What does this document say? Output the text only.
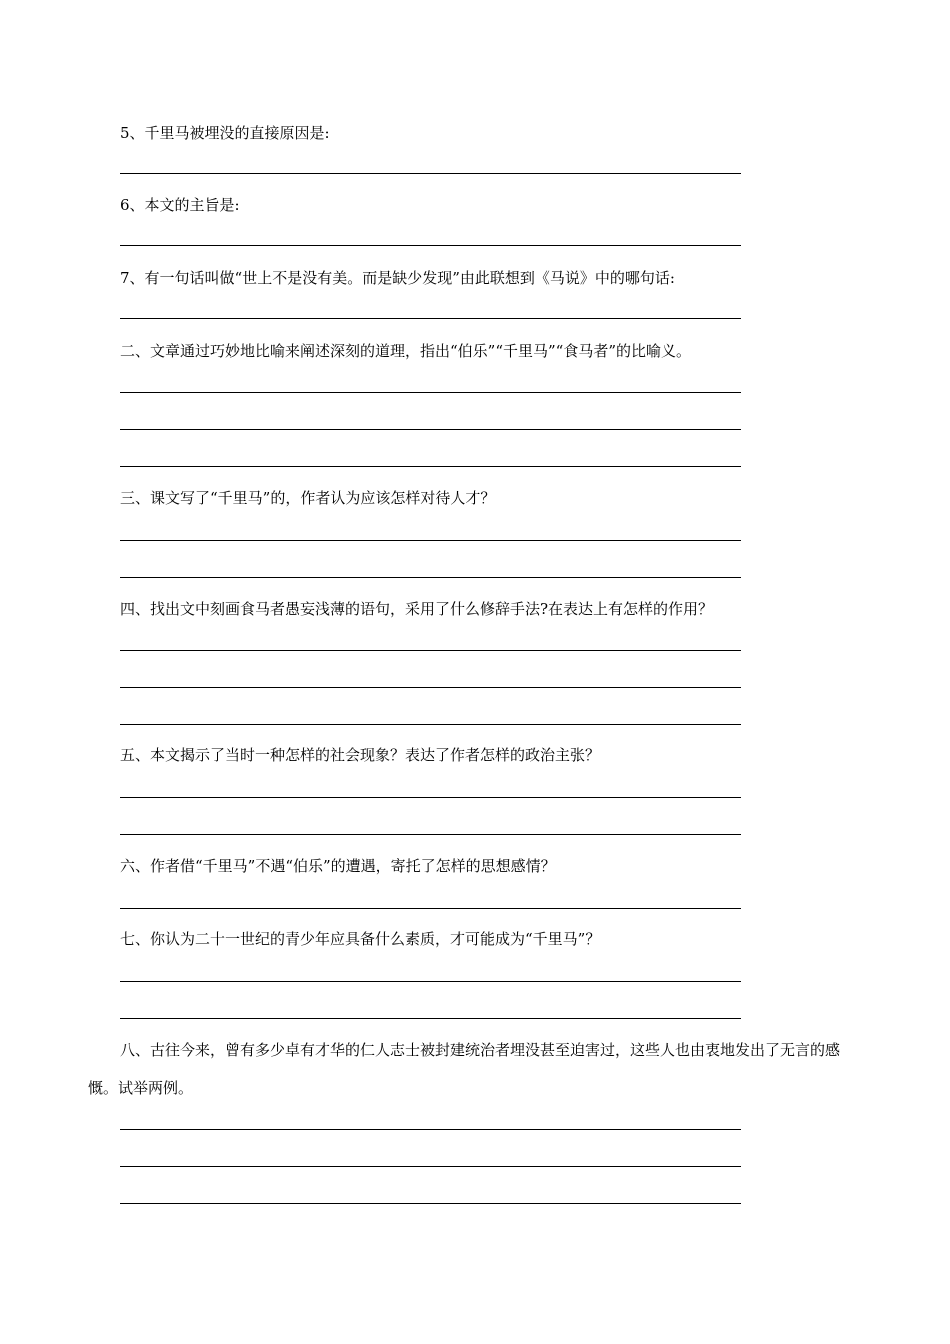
5、千里马被埋没的直接原因是:
6、本文的主旨是:
7、有一句话叫做“世上不是没有美。而是缺少发现”由此联想到《马说》中的哪句话:
二、文章通过巧妙地比喻来阐述深刻的道理，指出“伯乐”“千里马”“食马者”的比喻义。
三、课文写了“千里马”的，作者认为应该怎样对待人才？
四、找出文中刻画食马者愚妄浅薄的语句，采用了什么修辞手法?在表达上有怎样的作用？
五、本文揭示了当时一种怎样的社会现象？表达了作者怎样的政治主张？
六、作者借“千里马”不遇“伯乐”的遭遇，寄托了怎样的思想感情？
七、你认为二十一世纪的青少年应具备什么素质，才可能成为“千里马”？
八、古往今来，曾有多少卓有才华的仁人志士被封建统治者埋没甚至迫害过，这些人也由衷地发出了无言的感慨。试举两例。
